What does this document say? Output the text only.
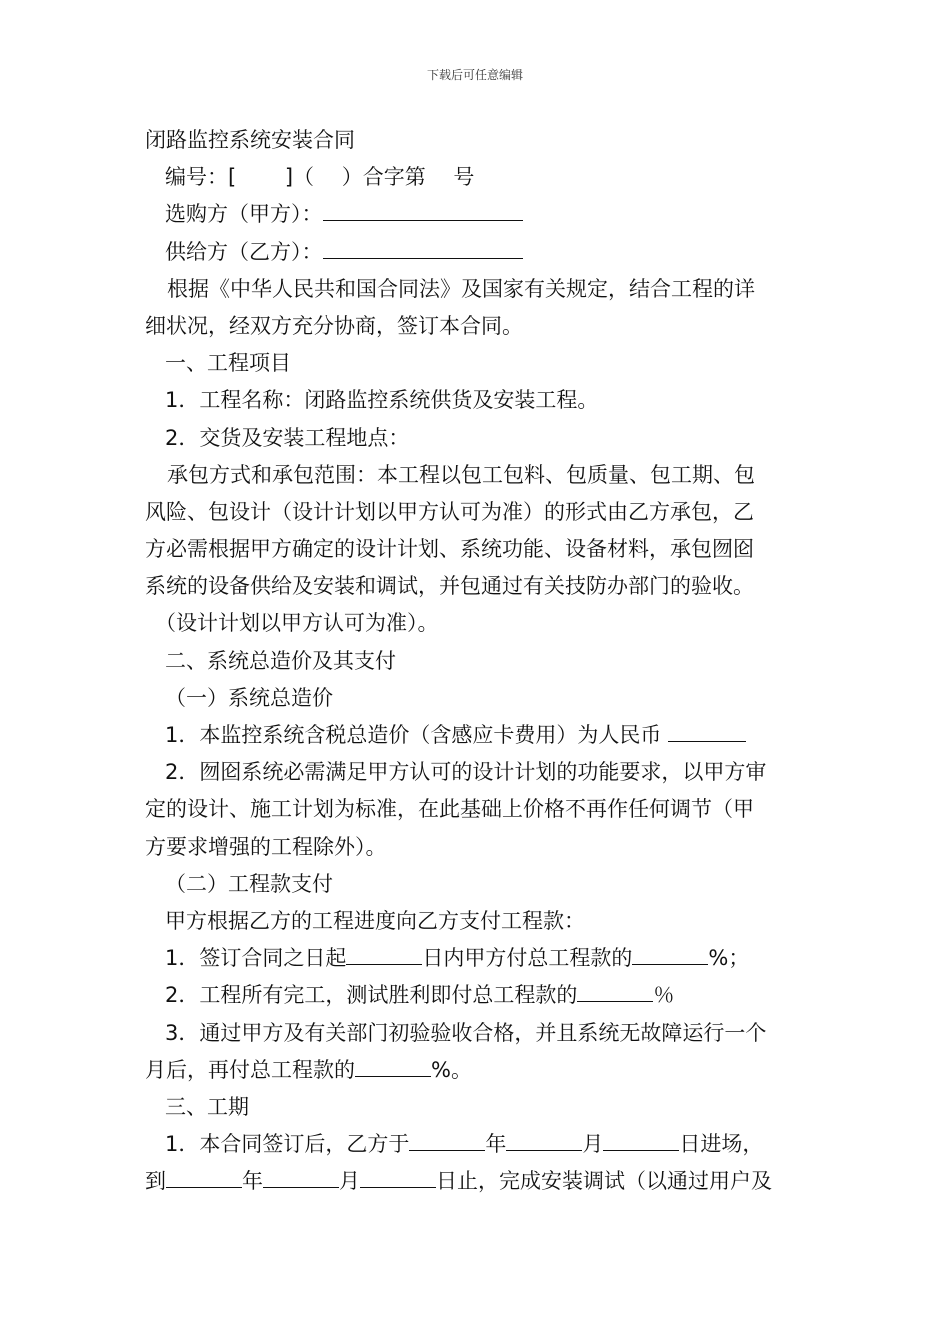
下载后可任意编辑
闭路监控系统安装合同
编号：[　　 ]（　 ）合字第　 号
选购方（甲方）：
供给方（乙方）：
根据《中华人民共和国合同法》及国家有关规定，结合工程的详
细状况，经双方充分协商，签订本合同。
一、工程项目
1．工程名称：闭路监控系统供货及安装工程。
2．交货及安装工程地点：
承包方式和承包范围：本工程以包工包料、包质量、包工期、包
风险、包设计（设计计划以甲方认可为准）的形式由乙方承包，乙
方必需根据甲方确定的设计计划、系统功能、设备材料，承包囫囵
系统的设备供给及安装和调试，并包通过有关技防办部门的验收。
（设计计划以甲方认可为准）。
二、系统总造价及其支付
（一）系统总造价
1．本监控系统含税总造价（含感应卡费用）为人民币
2．囫囵系统必需满足甲方认可的设计计划的功能要求，以甲方审
定的设计、施工计划为标准，在此基础上价格不再作任何调节（甲
方要求增强的工程除外）。
（二）工程款支付
甲方根据乙方的工程进度向乙方支付工程款：
1．签订合同之日起	日内甲方付总工程款的	%；
2．工程所有完工，测试胜利即付总工程款的	％
3．通过甲方及有关部门初验验收合格，并且系统无故障运行一个
月后，再付总工程款的	%。
三、工期
1．本合同签订后，乙方于	年	月	日进场，
到	年	月	日止，完成安装调试（以通过用户及
